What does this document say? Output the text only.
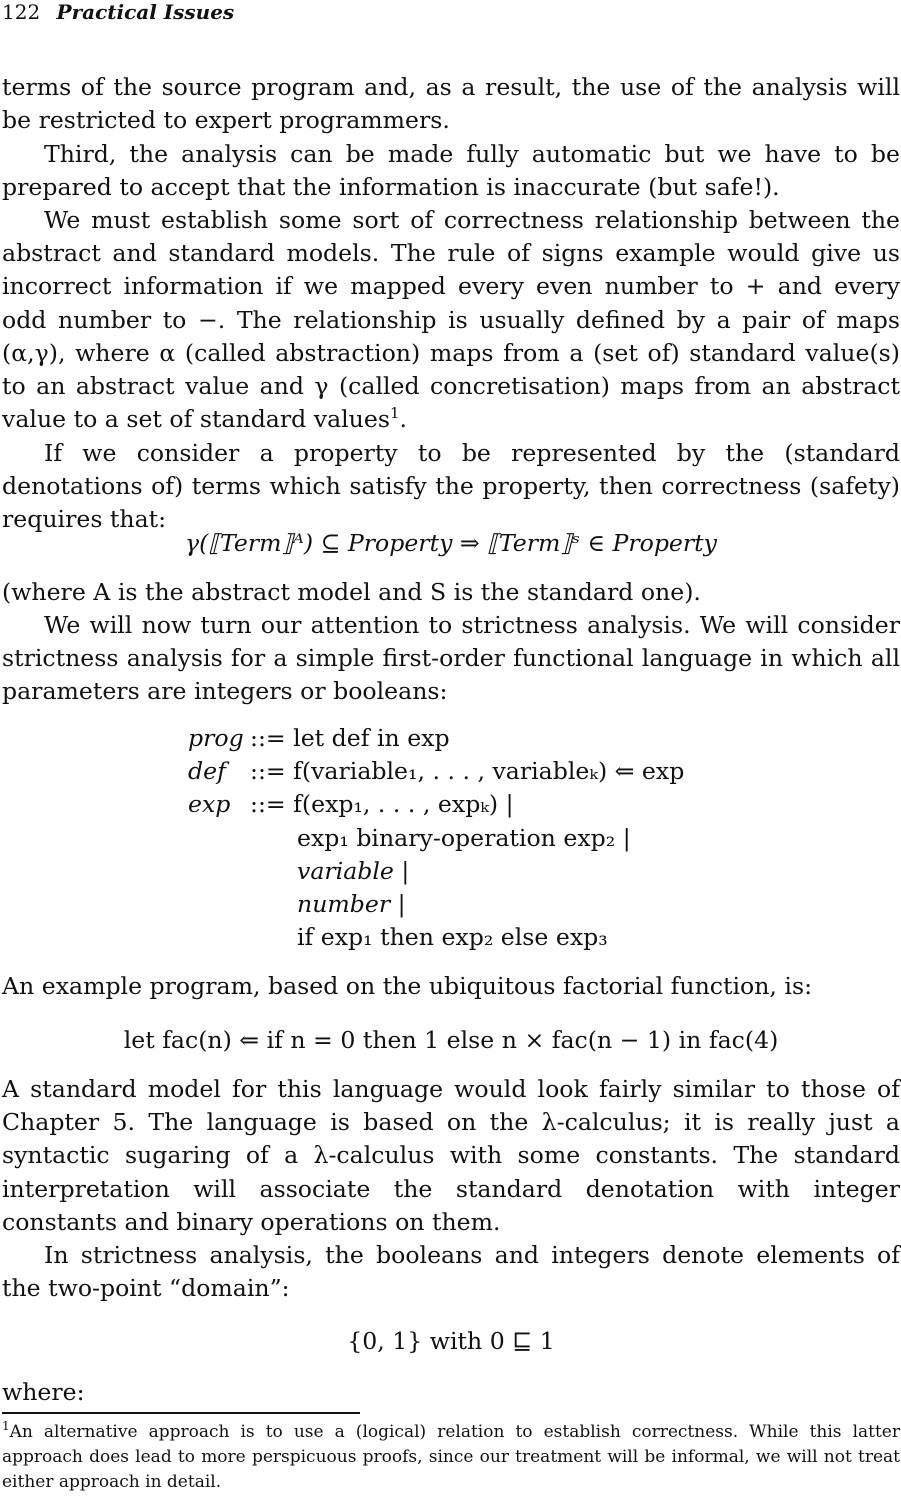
122 Practical Issues

terms of the source program and, as a result, the use of the analysis will be restricted to expert programmers.

Third, the analysis can be made fully automatic but we have to be prepared to accept that the information is inaccurate (but safe!).

We must establish some sort of correctness relationship between the abstract and standard models. The rule of signs example would give us incorrect information if we mapped every even number to + and every odd number to −. The relationship is usually defined by a pair of maps (α,γ), where α (called abstraction) maps from a (set of) standard value(s) to an abstract value and γ (called concretisation) maps from an abstract value to a set of standard values$^1$.

If we consider a property to be represented by the (standard denotations of) terms which satisfy the property, then correctness (safety) requires that:

γ(⟦Term⟧ᴬ) ⊆ Property ⇒ ⟦Term⟧ˢ ∈ Property

(where A is the abstract model and S is the standard one).

We will now turn our attention to strictness analysis. We will consider strictness analysis for a simple first-order functional language in which all parameters are integers or booleans:

prog ::= let def in exp
def ::= f(variable₁, . . . , variableₖ) ⇐ exp
exp ::= f(exp₁, . . . , expₖ) |
exp₁ binary-operation exp₂ |
variable |
number |
if exp₁ then exp₂ else exp₃

An example program, based on the ubiquitous factorial function, is:

let fac(n) ⇐ if n = 0 then 1 else n × fac(n − 1) in fac(4)

A standard model for this language would look fairly similar to those of Chapter 5. The language is based on the λ-calculus; it is really just a syntactic sugaring of a λ-calculus with some constants. The standard interpretation will associate the standard denotation with integer constants and binary operations on them.

In strictness analysis, the booleans and integers denote elements of the two-point “domain”:

{0, 1} with 0 ⊑ 1

where:

$^1$An alternative approach is to use a (logical) relation to establish correctness. While this latter approach does lead to more perspicuous proofs, since our treatment will be informal, we will not treat either approach in detail.
